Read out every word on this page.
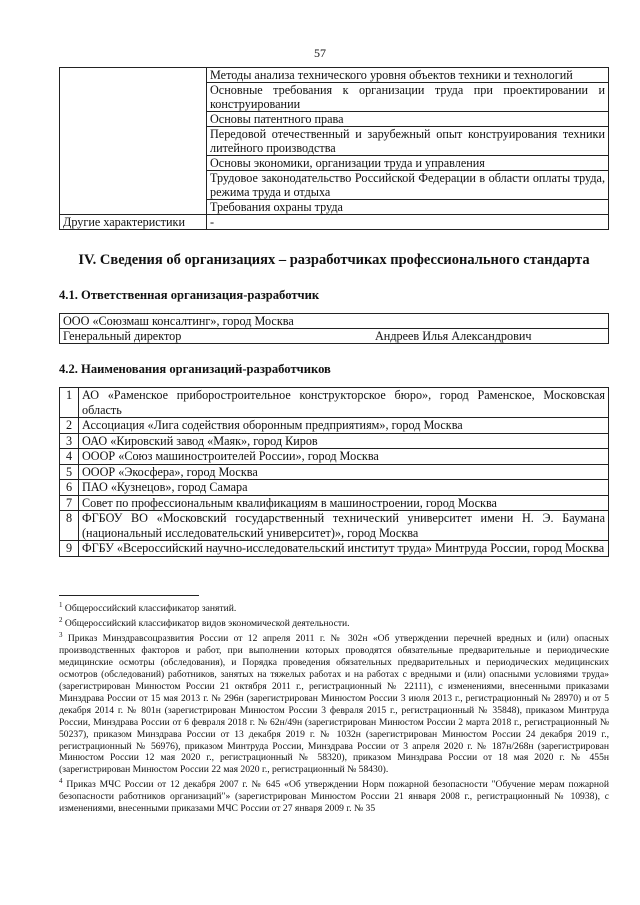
57
	Методы анализа технического уровня объектов техники и технологий
	Основные требования к организации труда при проектировании и конструировании
	Основы патентного права
	Передовой отечественный и зарубежный опыт конструирования техники литейного производства
	Основы экономики, организации труда и управления
	Трудовое законодательство Российской Федерации в области оплаты труда, режима труда и отдыха
	Требования охраны труда
Другие характеристики	-
IV. Сведения об организациях – разработчиках профессионального стандарта
4.1. Ответственная организация-разработчик
ООО «Союзмаш консалтинг», город Москва

Генеральный директор	Андреев Илья Александрович
4.2. Наименования организаций-разработчиков
1	АО «Раменское приборостроительное конструкторское бюро», город Раменское, Московская область
2	Ассоциация «Лига содействия оборонным предприятиям», город Москва
3	ОАО «Кировский завод «Маяк», город Киров
4	ОООР «Союз машиностроителей России», город Москва
5	ОООР «Экосфера», город Москва
6	ПАО «Кузнецов», город Самара
7	Совет по профессиональным квалификациям в машиностроении, город Москва
8	ФГБОУ ВО «Московский государственный технический университет имени Н. Э. Баумана (национальный исследовательский университет)», город Москва
9	ФГБУ «Всероссийский научно-исследовательский институт труда» Минтруда России, город Москва

$^1$ Общероссийский классификатор занятий.

$^2$ Общероссийский классификатор видов экономической деятельности.

$^3$ Приказ Минздравсоцразвития России от 12 апреля 2011 г. № 302н «Об утверждении перечней вредных и (или) опасных производственных факторов и работ, при выполнении которых проводятся обязательные предварительные и периодические медицинские осмотры (обследования), и Порядка проведения обязательных предварительных и периодических медицинских осмотров (обследований) работников, занятых на тяжелых работах и на работах с вредными и (или) опасными условиями труда» (зарегистрирован Минюстом России 21 октября 2011 г., регистрационный № 22111), с изменениями, внесенными приказами Минздрава России от 15 мая 2013 г. № 296н (зарегистрирован Минюстом России 3 июля 2013 г., регистрационный № 28970) и от 5 декабря 2014 г. № 801н (зарегистрирован Минюстом России 3 февраля 2015 г., регистрационный № 35848), приказом Минтруда России, Минздрава России от 6 февраля 2018 г. № 62н/49н (зарегистрирован Минюстом России 2 марта 2018 г., регистрационный № 50237), приказом Минздрава России от 13 декабря 2019 г. № 1032н (зарегистрирован Минюстом России 24 декабря 2019 г., регистрационный № 56976), приказом Минтруда России, Минздрава России от 3 апреля 2020 г. № 187н/268н (зарегистрирован Минюстом России 12 мая 2020 г., регистрационный № 58320), приказом Минздрава России от 18 мая 2020 г. № 455н (зарегистрирован Минюстом России 22 мая 2020 г., регистрационный № 58430).

$^4$ Приказ МЧС России от 12 декабря 2007 г. № 645 «Об утверждении Норм пожарной безопасности "Обучение мерам пожарной безопасности работников организаций"» (зарегистрирован Минюстом России 21 января 2008 г., регистрационный № 10938), с изменениями, внесенными приказами МЧС России от 27 января 2009 г. № 35
